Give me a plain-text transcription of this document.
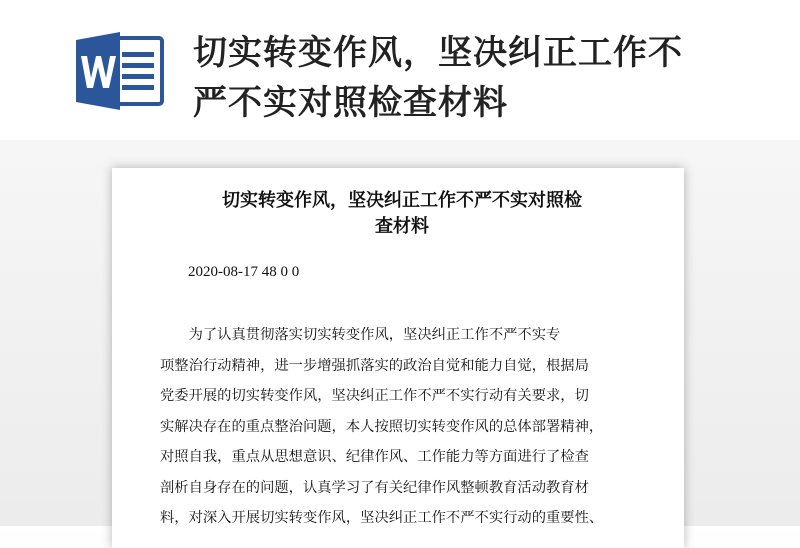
切实转变作风，坚决纠正工作不
严不实对照检查材料
切实转变作风，坚决纠正工作不严不实对照检
查材料
2020-08-17 48 0 0
　　为了认真贯彻落实切实转变作风，坚决纠正工作不严不实专
项整治行动精神，进一步增强抓落实的政治自觉和能力自觉，根据局
党委开展的切实转变作风，坚决纠正工作不严不实行动有关要求，切
实解决存在的重点整治问题，本人按照切实转变作风的总体部署精神，
对照自我，重点从思想意识、纪律作风、工作能力等方面进行了检查
剖析自身存在的问题，认真学习了有关纪律作风整顿教育活动教育材
料，对深入开展切实转变作风，坚决纠正工作不严不实行动的重要性、
